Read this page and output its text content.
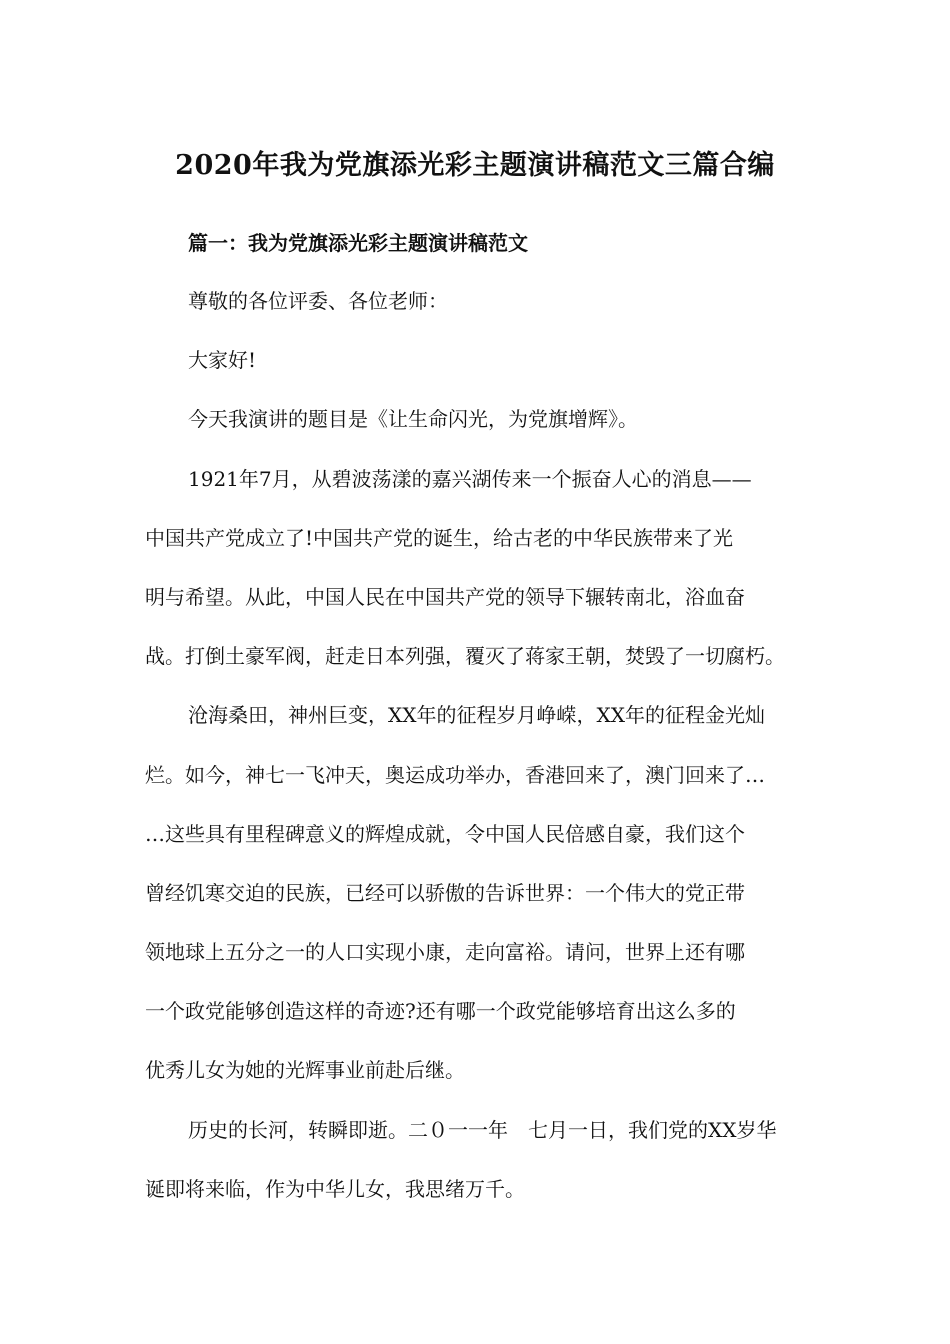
2020年我为党旗添光彩主题演讲稿范文三篇合编
篇一：我为党旗添光彩主题演讲稿范文
尊敬的各位评委、各位老师：
大家好!
今天我演讲的题目是《让生命闪光，为党旗增辉》。
1921年7月，从碧波荡漾的嘉兴湖传来一个振奋人心的消息——
中国共产党成立了!中国共产党的诞生，给古老的中华民族带来了光
明与希望。从此，中国人民在中国共产党的领导下辗转南北，浴血奋
战。打倒土豪军阀，赶走日本列强，覆灭了蒋家王朝，焚毁了一切腐朽。
沧海桑田，神州巨变，XX年的征程岁月峥嵘，XX年的征程金光灿
烂。如今，神七一飞冲天，奥运成功举办，香港回来了，澳门回来了…
…这些具有里程碑意义的辉煌成就，令中国人民倍感自豪，我们这个
曾经饥寒交迫的民族，已经可以骄傲的告诉世界：一个伟大的党正带
领地球上五分之一的人口实现小康，走向富裕。请问，世界上还有哪
一个政党能够创造这样的奇迹?还有哪一个政党能够培育出这么多的
优秀儿女为她的光辉事业前赴后继。
历史的长河，转瞬即逝。二０一一年　七月一日，我们党的XX岁华
诞即将来临，作为中华儿女，我思绪万千。
